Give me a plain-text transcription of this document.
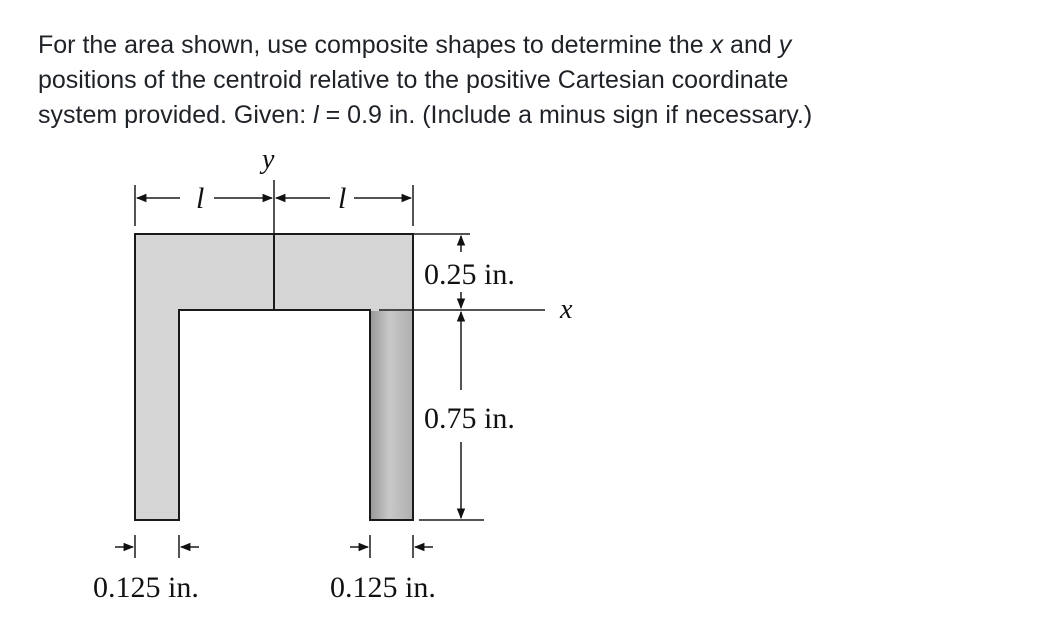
For the area shown, use composite shapes to determine the x and y

positions of the centroid relative to the positive Cartesian coordinate

system provided. Given: l = 0.9 in. (Include a minus sign if necessary.)

l	l
y
x
0.25 in.
0.75 in.
0.125 in.	0.125 in.
